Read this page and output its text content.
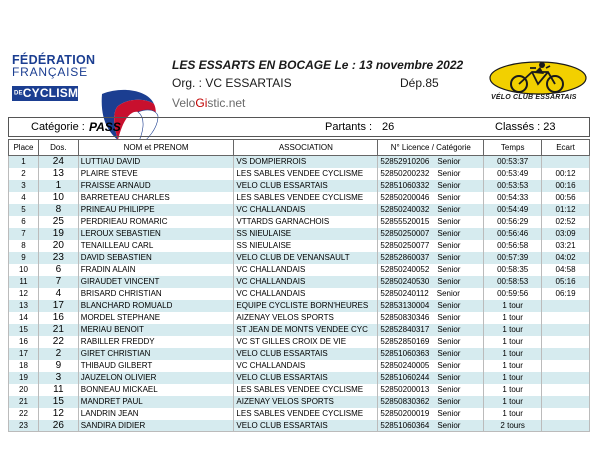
FÉDÉRATION
FRANÇAISE
DECYCLISME
LES ESSARTS EN BOCAGE Le : 13 novembre 2022
Org. : VC ESSARTAIS	Dép.85
VeloGistic.net	VÉLO CLUB ESSARTAIS
Catégorie : PASS	Partants : 26	Classés : 23
Place	Dos.	NOM et PRENOM	ASSOCIATION	N° Licence / Catégorie	Temps	Ecart
1	24	LUTTIAU DAVID	VS DOMPIERROIS	52852910206 Senior	00:53:37	
2	13	PLAIRE STEVE	LES SABLES VENDEE CYCLISME	52850200232 Senior	00:53:49	00:12
3	1	FRAISSE ARNAUD	VELO CLUB ESSARTAIS	52851060332 Senior	00:53:53	00:16
4	10	BARRETEAU CHARLES	LES SABLES VENDEE CYCLISME	52850200046 Senior	00:54:33	00:56
5	8	PRINEAU PHILIPPE	VC CHALLANDAIS	52850240032 Senior	00:54:49	01:12
6	25	PERDRIEAU ROMARIC	VTTARDS GARNACHOIS	52855520015 Senior	00:56:29	02:52
7	19	LEROUX SEBASTIEN	SS NIEULAISE	52850250007 Senior	00:56:46	03:09
8	20	TENAILLEAU CARL	SS NIEULAISE	52850250077 Senior	00:56:58	03:21
9	23	DAVID SEBASTIEN	VELO CLUB DE VENANSAULT	52852860037 Senior	00:57:39	04:02
10	6	FRADIN ALAIN	VC CHALLANDAIS	52850240052 Senior	00:58:35	04:58
11	7	GIRAUDET VINCENT	VC CHALLANDAIS	52850240530 Senior	00:58:53	05:16
12	4	BRISARD CHRISTIAN	VC CHALLANDAIS	52850240112 Senior	00:59:56	06:19
13	17	BLANCHARD ROMUALD	EQUIPE CYCLISTE BORN'HEURES	52853130004 Senior	1 tour	
14	16	MORDEL STEPHANE	AIZENAY VELOS SPORTS	52850830346 Senior	1 tour	
15	21	MERIAU BENOIT	ST JEAN DE MONTS VENDEE CYC	52852840317 Senior	1 tour	
16	22	RABILLER FREDDY	VC ST GILLES CROIX DE VIE	52852850169 Senior	1 tour	
17	2	GIRET CHRISTIAN	VELO CLUB ESSARTAIS	52851060363 Senior	1 tour	
18	9	THIBAUD GILBERT	VC CHALLANDAIS	52850240005 Senior	1 tour	
19	3	JAUZELON OLIVIER	VELO CLUB ESSARTAIS	52851060244 Senior	1 tour	
20	11	BONNEAU MICKAEL	LES SABLES VENDEE CYCLISME	52850200013 Senior	1 tour	
21	15	MANDRET PAUL	AIZENAY VELOS SPORTS	52850830362 Senior	1 tour	
22	12	LANDRIN JEAN	LES SABLES VENDEE CYCLISME	52850200019 Senior	1 tour	
23	26	SANDIRA DIDIER	VELO CLUB ESSARTAIS	52851060364 Senior	2 tours	
